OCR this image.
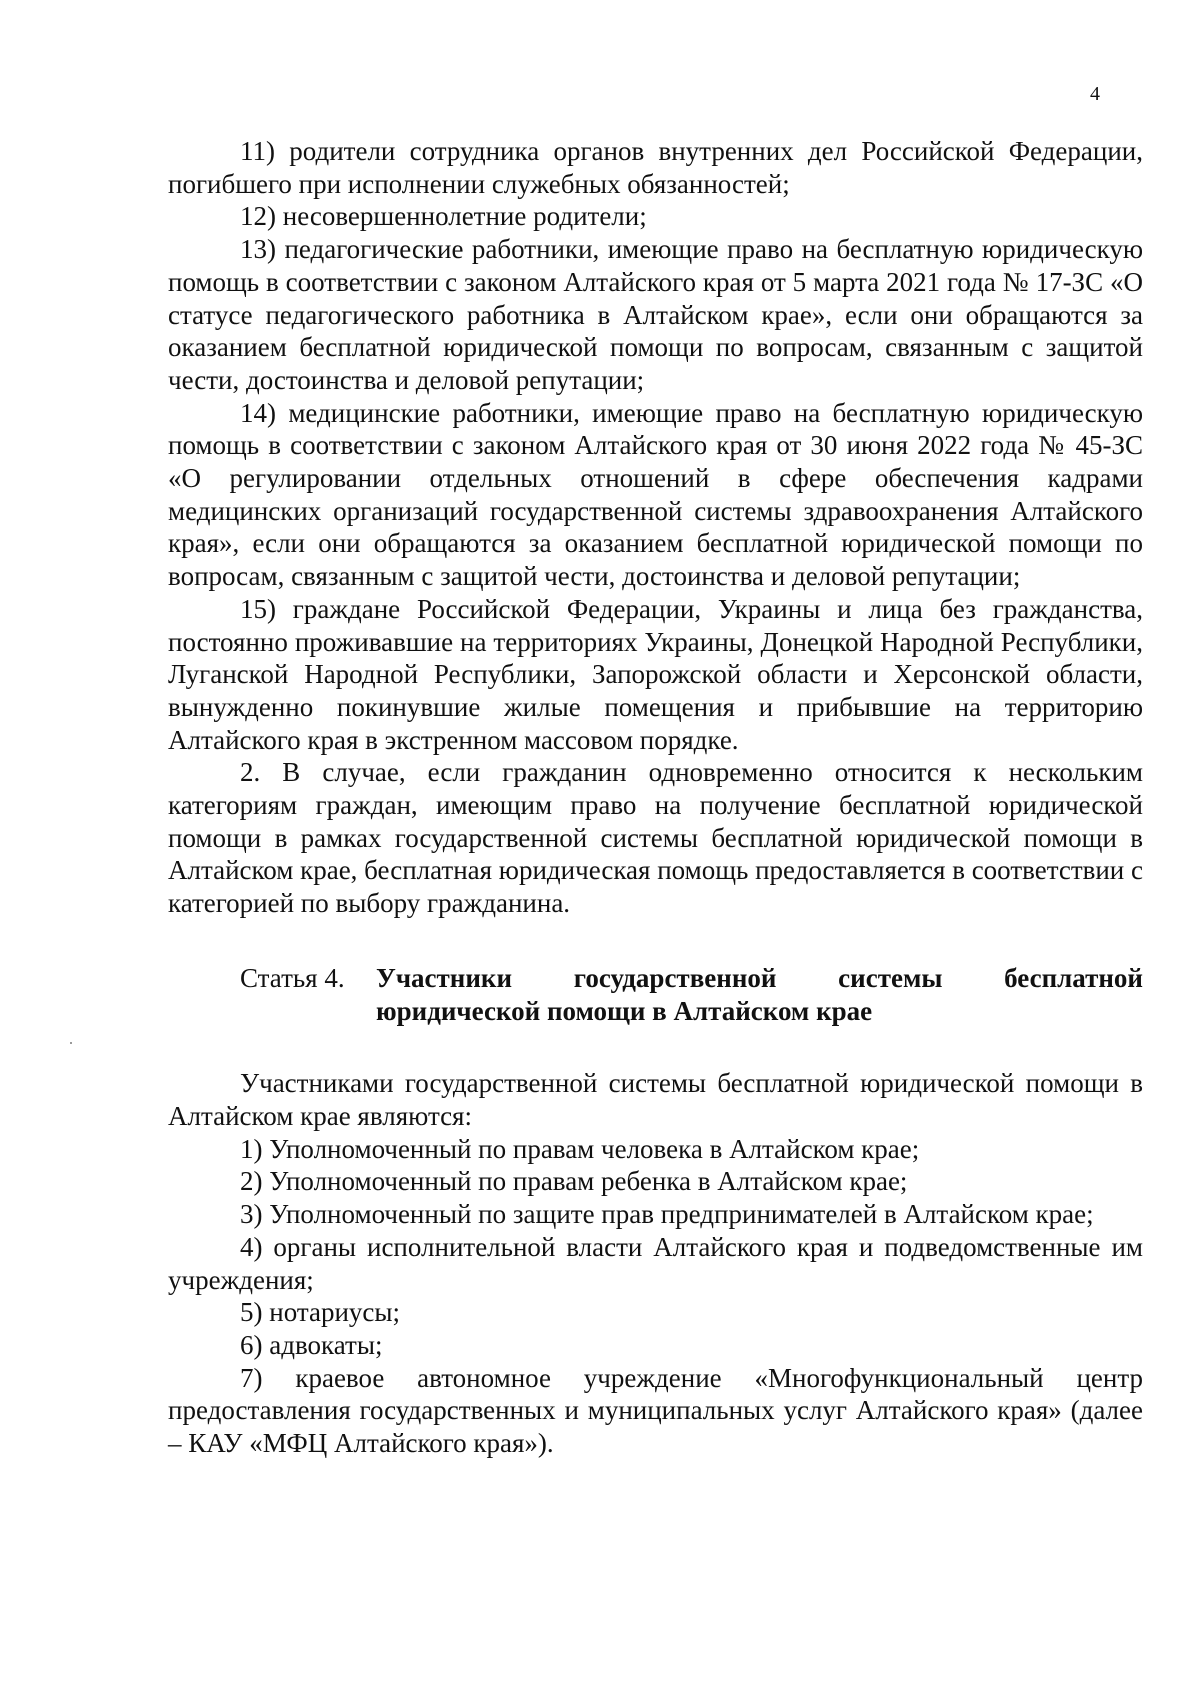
4

11) родители сотрудника органов внутренних дел Российской Федерации, погибшего при исполнении служебных обязанностей;

12) несовершеннолетние родители;

13) педагогические работники, имеющие право на бесплатную юридическую помощь в соответствии с законом Алтайского края от 5 марта 2021 года № 17-ЗС «О статусе педагогического работника в Алтайском крае», если они обращаются за оказанием бесплатной юридической помощи по вопросам, связанным с защитой чести, достоинства и деловой репутации;

14) медицинские работники, имеющие право на бесплатную юридическую помощь в соответствии с законом Алтайского края от 30 июня 2022 года № 45-ЗС «О регулировании отдельных отношений в сфере обеспечения кадрами медицинских организаций государственной системы здравоохранения Алтайского края», если они обращаются за оказанием бесплатной юридической помощи по вопросам, связанным с защитой чести, достоинства и деловой репутации;

15) граждане Российской Федерации, Украины и лица без гражданства, постоянно проживавшие на территориях Украины, Донецкой Народной Республики, Луганской Народной Республики, Запорожской области и Херсонской области, вынужденно покинувшие жилые помещения и прибывшие на территорию Алтайского края в экстренном массовом порядке.

2. В случае, если гражданин одновременно относится к нескольким категориям граждан, имеющим право на получение бесплатной юридической помощи в рамках государственной системы бесплатной юридической помощи в Алтайском крае, бесплатная юридическая помощь предоставляется в соответствии с категорией по выбору гражданина.

Статья 4.	Участники государственной системы бесплатной юридической помощи в Алтайском крае

Участниками государственной системы бесплатной юридической помощи в Алтайском крае являются:

1) Уполномоченный по правам человека в Алтайском крае;

2) Уполномоченный по правам ребенка в Алтайском крае;

3) Уполномоченный по защите прав предпринимателей в Алтайском крае;

4) органы исполнительной власти Алтайского края и подведомственные им учреждения;

5) нотариусы;

6) адвокаты;

7) краевое автономное учреждение «Многофункциональный центр предоставления государственных и муниципальных услуг Алтайского края» (далее – КАУ «МФЦ Алтайского края»).
